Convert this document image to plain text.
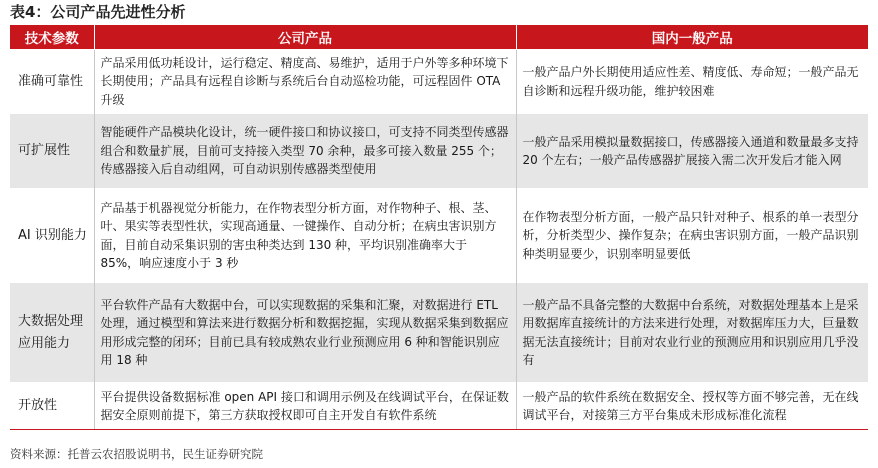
表4：公司产品先进性分析
技术参数	公司产品	国内一般产品
准确可靠性	产品采用低功耗设计，运行稳定、精度高、易维护，适用于户外等多种环境下长期使用；产品具有远程自诊断与系统后台自动巡检功能，可远程固件 OTA 升级	一般产品户外长期使用适应性差、精度低、寿命短；一般产品无自诊断和远程升级功能，维护较困难
可扩展性	智能硬件产品模块化设计，统一硬件接口和协议接口，可支持不同类型传感器组合和数量扩展，目前可支持接入类型 70 余种，最多可接入数量 255 个；传感器接入后自动组网，可自动识别传感器类型使用	一般产品采用模拟量数据接口，传感器接入通道和数量最多支持 20 个左右；一般产品传感器扩展接入需二次开发后才能入网
AI 识别能力	产品基于机器视觉分析能力，在作物表型分析方面，对作物种子、根、茎、叶、果实等表型性状，实现高通量、一键操作、自动分析；在病虫害识别方面，目前自动采集识别的害虫种类达到 130 种，平均识别准确率大于 85%，响应速度小于 3 秒	在作物表型分析方面，一般产品只针对种子、根系的单一表型分析，分析类型少、操作复杂；在病虫害识别方面，一般产品识别种类明显要少，识别率明显要低
大数据处理应用能力	平台软件产品有大数据中台，可以实现数据的采集和汇聚，对数据进行 ETL 处理，通过模型和算法来进行数据分析和数据挖掘，实现从数据采集到数据应用形成完整的闭环；目前已具有较成熟农业行业预测应用 6 种和智能识别应用 18 种	一般产品不具备完整的大数据中台系统，对数据处理基本上是采用数据库直接统计的方法来进行处理，对数据库压力大，巨量数据无法直接统计；目前对农业行业的预测应用和识别应用几乎没有
开放性	平台提供设备数据标准 open API 接口和调用示例及在线调试平台，在保证数据安全原则前提下，第三方获取授权即可自主开发自有软件系统	一般产品的软件系统在数据安全、授权等方面不够完善，无在线调试平台，对接第三方平台集成未形成标准化流程
资料来源：托普云农招股说明书，民生证券研究院
